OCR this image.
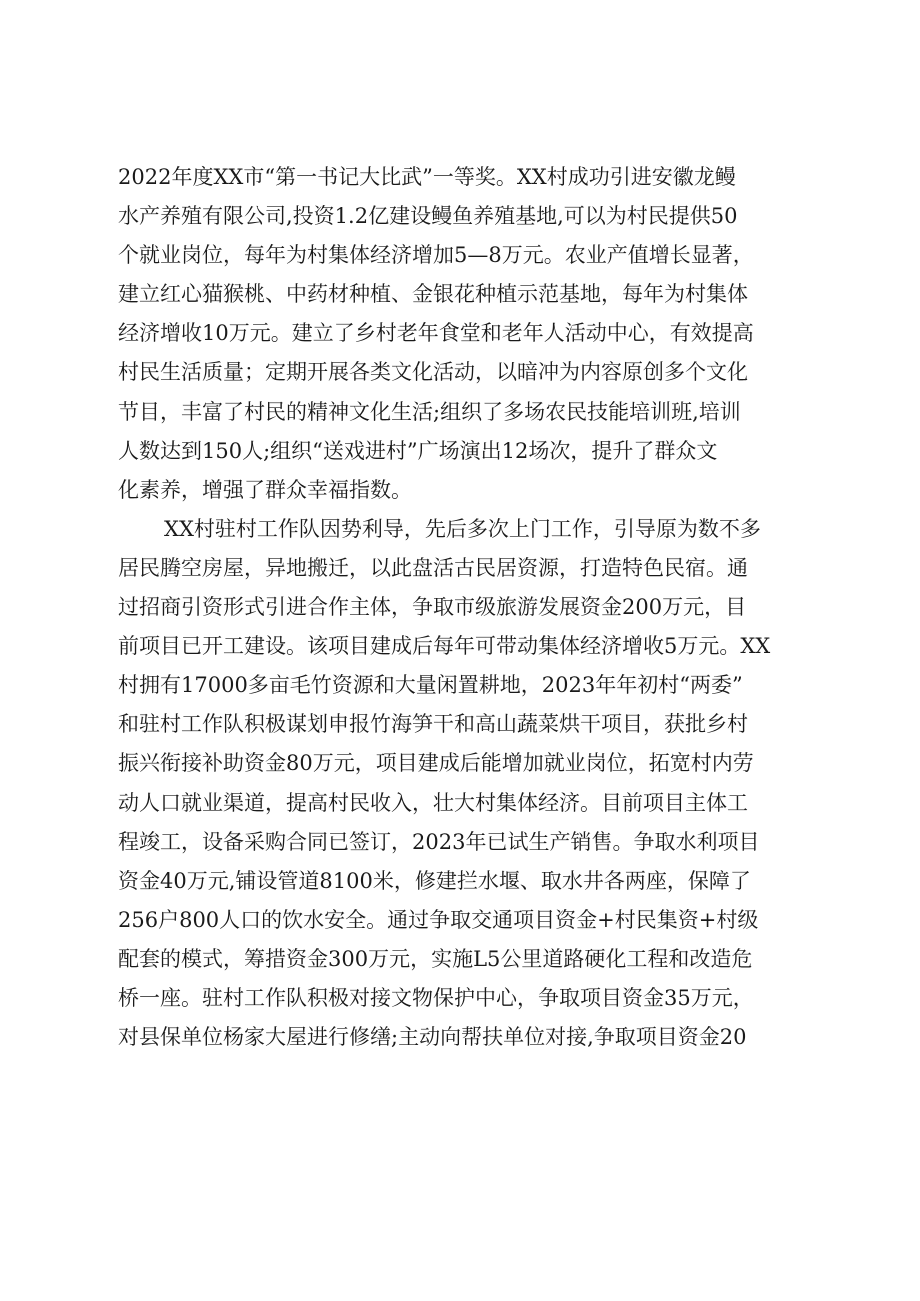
2022年度XX市“第一书记大比武”一等奖。XX村成功引进安徽龙鳗
水产养殖有限公司,投资1.2亿建设鳗鱼养殖基地,可以为村民提供50
个就业岗位，每年为村集体经济增加5—8万元。农业产值增长显著，
建立红心猫猴桃、中药材种植、金银花种植示范基地，每年为村集体
经济增收10万元。建立了乡村老年食堂和老年人活动中心，有效提高
村民生活质量；定期开展各类文化活动，以暗冲为内容原创多个文化
节目，丰富了村民的精神文化生活;组织了多场农民技能培训班,培训
人数达到150人;组织“送戏进村”广场演出12场次，提升了群众文
化素养，增强了群众幸福指数。
XX村驻村工作队因势利导，先后多次上门工作，引导原为数不多
居民腾空房屋，异地搬迁，以此盘活古民居资源，打造特色民宿。通
过招商引资形式引进合作主体，争取市级旅游发展资金200万元，目
前项目已开工建设。该项目建成后每年可带动集体经济增收5万元。XX
村拥有17000多亩毛竹资源和大量闲置耕地，2023年年初村“两委”
和驻村工作队积极谋划申报竹海笋干和高山蔬菜烘干项目，获批乡村
振兴衔接补助资金80万元，项目建成后能增加就业岗位，拓宽村内劳
动人口就业渠道，提高村民收入，壮大村集体经济。目前项目主体工
程竣工，设备采购合同已签订，2023年已试生产销售。争取水利项目
资金40万元,铺设管道8100米，修建拦水堰、取水井各两座，保障了
256户800人口的饮水安全。通过争取交通项目资金+村民集资+村级
配套的模式，筹措资金300万元，实施L5公里道路硬化工程和改造危
桥一座。驻村工作队积极对接文物保护中心，争取项目资金35万元，
对县保单位杨家大屋进行修缮;主动向帮扶单位对接,争取项目资金20
